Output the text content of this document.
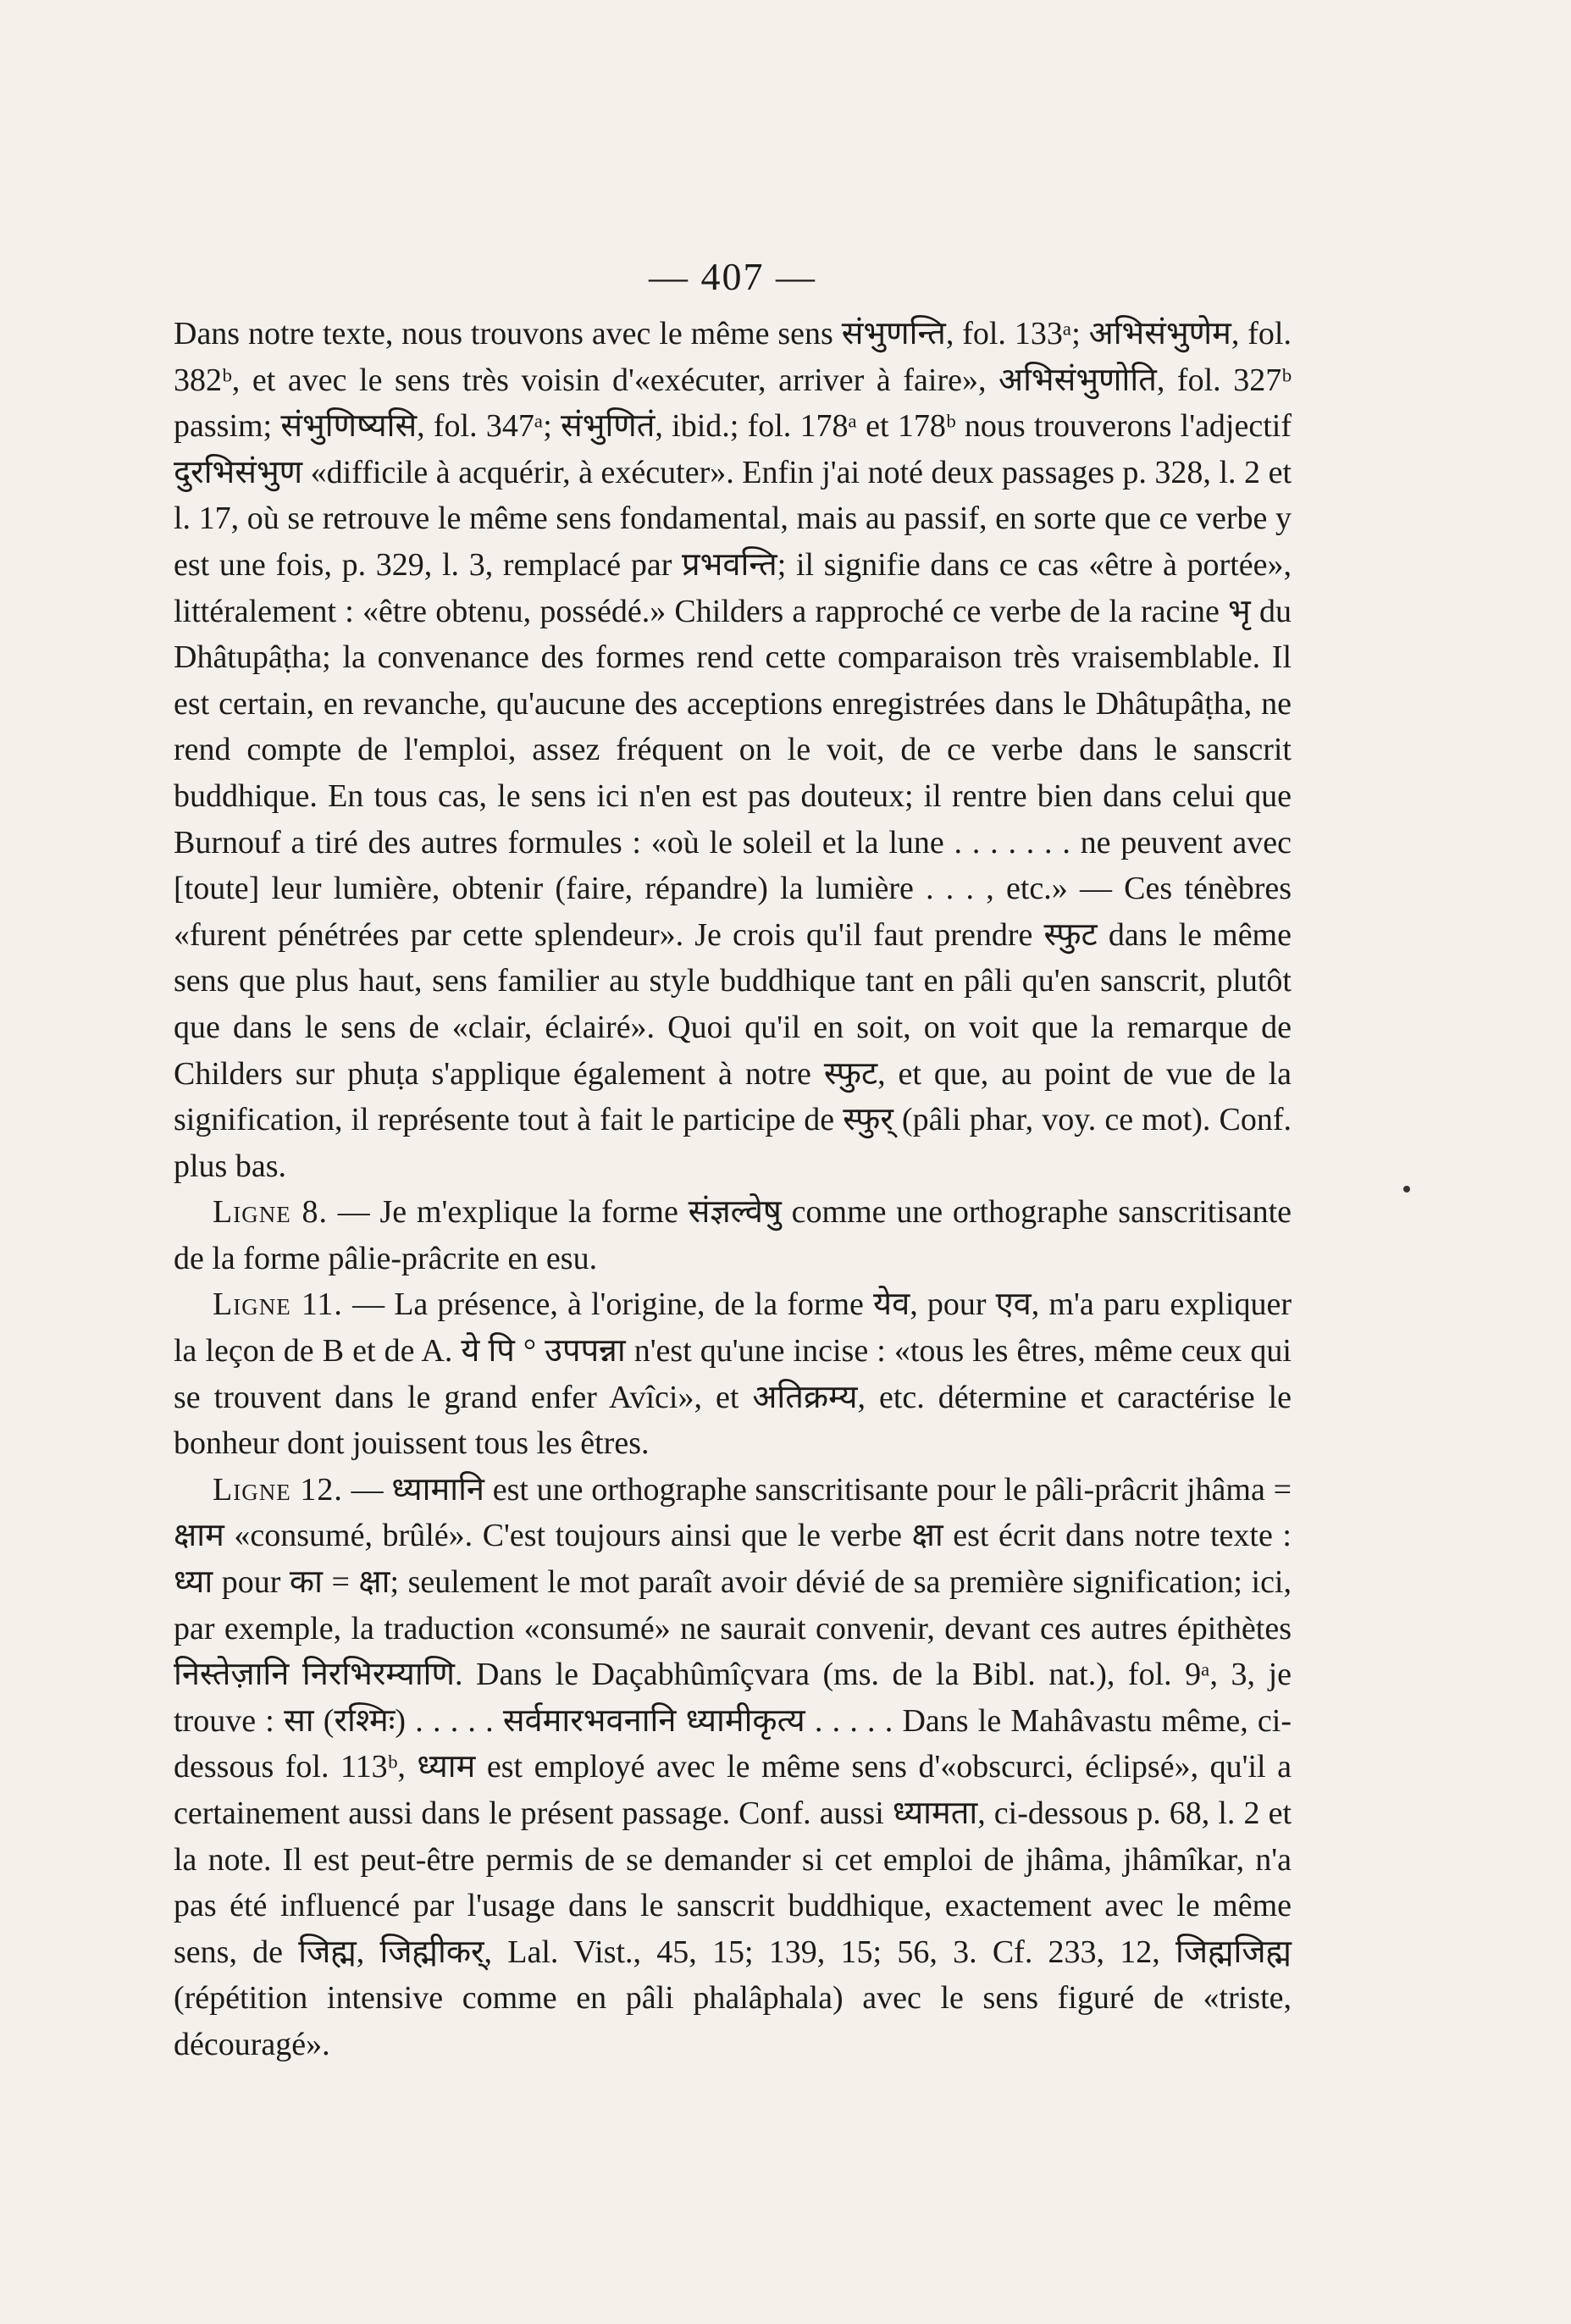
— 407 —

Dans notre texte, nous trouvons avec le même sens संभुणन्ति, fol. 133ᵃ; अभिसंभुणेम, fol. 382ᵇ, et avec le sens très voisin d'«exécuter, arriver à faire», अभिसंभुणोति, fol. 327ᵇ passim; संभुणिष्यसि, fol. 347ᵃ; संभुणितं, ibid.; fol. 178ᵃ et 178ᵇ nous trouverons l'adjectif दुरभिसंभुण «difficile à acquérir, à exécuter». Enfin j'ai noté deux passages p. 328, l. 2 et l. 17, où se retrouve le même sens fondamental, mais au passif, en sorte que ce verbe y est une fois, p. 329, l. 3, remplacé par प्रभवन्ति; il signifie dans ce cas «être à portée», littéralement : «être obtenu, possédé.» Childers a rapproché ce verbe de la racine भृ du Dhâtupâṭha; la convenance des formes rend cette comparaison très vraisemblable. Il est certain, en revanche, qu'aucune des acceptions enregistrées dans le Dhâtupâṭha, ne rend compte de l'emploi, assez fréquent on le voit, de ce verbe dans le sanscrit buddhique. En tous cas, le sens ici n'en est pas douteux; il rentre bien dans celui que Burnouf a tiré des autres formules : «où le soleil et la lune . . . . . . . ne peuvent avec [toute] leur lumière, obtenir (faire, répandre) la lumière . . . , etc.» — Ces ténèbres «furent pénétrées par cette splendeur». Je crois qu'il faut prendre स्फुट dans le même sens que plus haut, sens familier au style buddhique tant en pâli qu'en sanscrit, plutôt que dans le sens de «clair, éclairé». Quoi qu'il en soit, on voit que la remarque de Childers sur phuṭa s'applique également à notre स्फुट, et que, au point de vue de la signification, il représente tout à fait le participe de स्फुर् (pâli phar, voy. ce mot). Conf. plus bas.

Ligne 8. — Je m'explique la forme संज्ञल्वेषु comme une orthographe sanscritisante de la forme pâlie-prâcrite en esu.

Ligne 11. — La présence, à l'origine, de la forme येव, pour एव, m'a paru expliquer la leçon de B et de A. ये पि ° उपपन्ना n'est qu'une incise : «tous les êtres, même ceux qui se trouvent dans le grand enfer Avîci», et अतिक्रम्य, etc. détermine et caractérise le bonheur dont jouissent tous les êtres.

Ligne 12. — ध्यामानि est une orthographe sanscritisante pour le pâli-prâcrit jhâma = क्षाम «consumé, brûlé». C'est toujours ainsi que le verbe क्षा est écrit dans notre texte : ध्या pour का = क्षा; seulement le mot paraît avoir dévié de sa première signification; ici, par exemple, la traduction «consumé» ne saurait convenir, devant ces autres épithètes निस्तेज़ानि निरभिरम्याणि. Dans le Daçabhûmîçvara (ms. de la Bibl. nat.), fol. 9ᵃ, 3, je trouve : सा (रश्मिः) . . . . . सर्वमारभवनानि ध्यामीकृत्य . . . . . Dans le Mahâvastu même, ci-dessous fol. 113ᵇ, ध्याम est employé avec le même sens d'«obscurci, éclipsé», qu'il a certainement aussi dans le présent passage. Conf. aussi ध्यामता, ci-dessous p. 68, l. 2 et la note. Il est peut-être permis de se demander si cet emploi de jhâma, jhâmîkar, n'a pas été influencé par l'usage dans le sanscrit buddhique, exactement avec le même sens, de जिह्म, जिह्मीकर्, Lal. Vist., 45, 15; 139, 15; 56, 3. Cf. 233, 12, जिह्मजिह्म (répétition intensive comme en pâli phalâphala) avec le sens figuré de «triste, découragé».
